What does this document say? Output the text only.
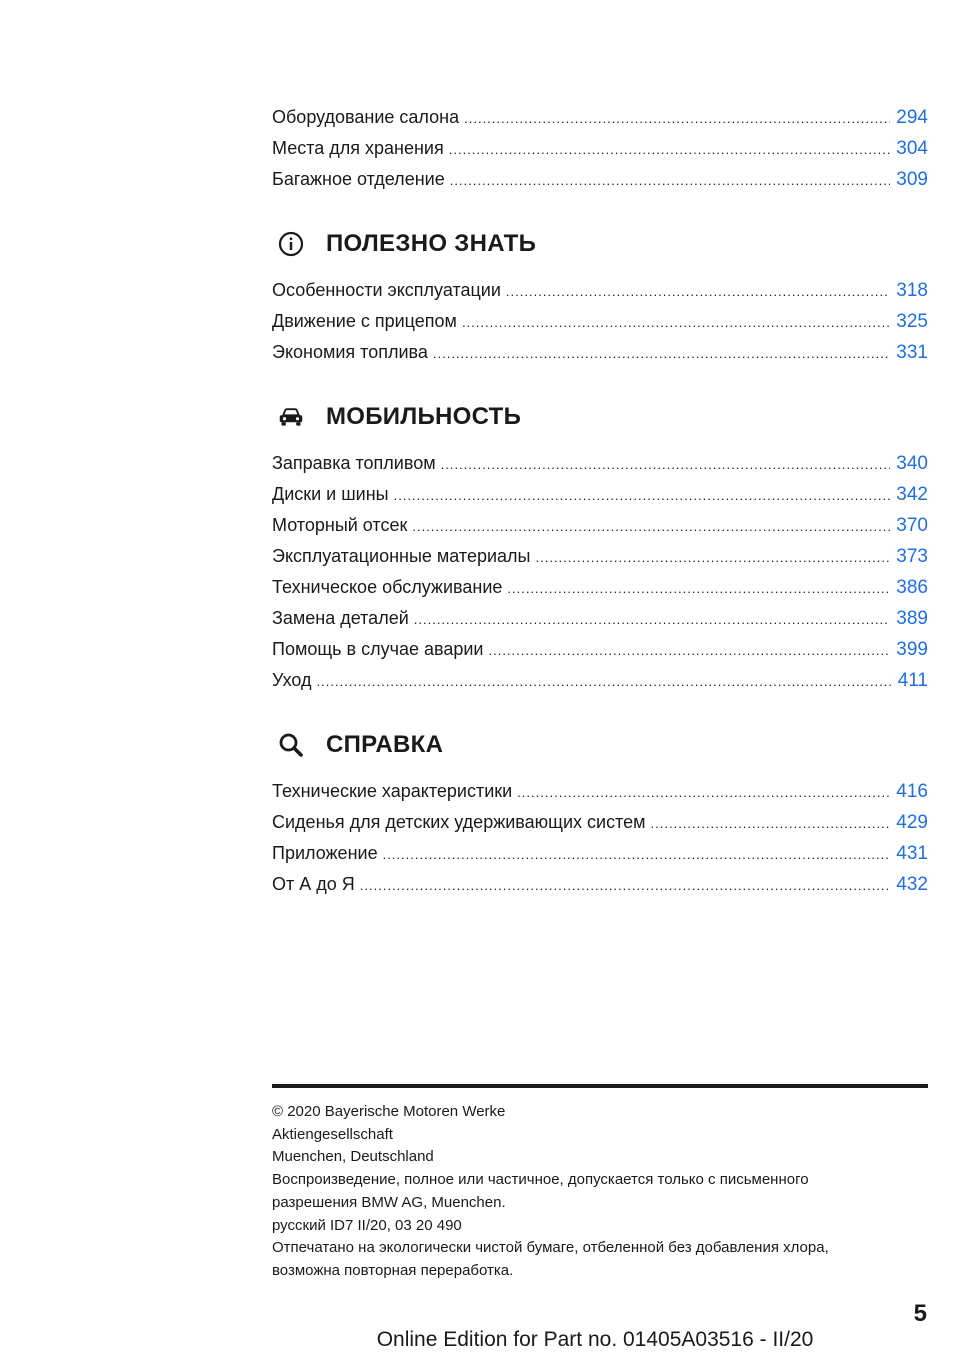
Оборудование салона .....	294
Места для хранения .....	304
Багажное отделение .....	309
ПОЛЕЗНО ЗНАТЬ
Особенности эксплуатации .....	318
Движение с прицепом .....	325
Экономия топлива .....	331
МОБИЛЬНОСТЬ
Заправка топливом .....	340
Диски и шины .....	342
Моторный отсек .....	370
Эксплуатационные материалы .....	373
Техническое обслуживание .....	386
Замена деталей .....	389
Помощь в случае аварии .....	399
Уход .....	411
СПРАВКА
Технические характеристики .....	416
Сиденья для детских удерживающих систем .....	429
Приложение .....	431
От А до Я .....	432
© 2020 Bayerische Motoren Werke
Aktiengesellschaft
Muenchen, Deutschland
Воспроизведение, полное или частичное, допускается только с письменного
разрешения BMW AG, Muenchen.
русский ID7 II/20, 03 20 490
Отпечатано на экологически чистой бумаге, отбеленной без добавления хлора,
возможна повторная переработка.
5
Online Edition for Part no. 01405A03516 - II/20
